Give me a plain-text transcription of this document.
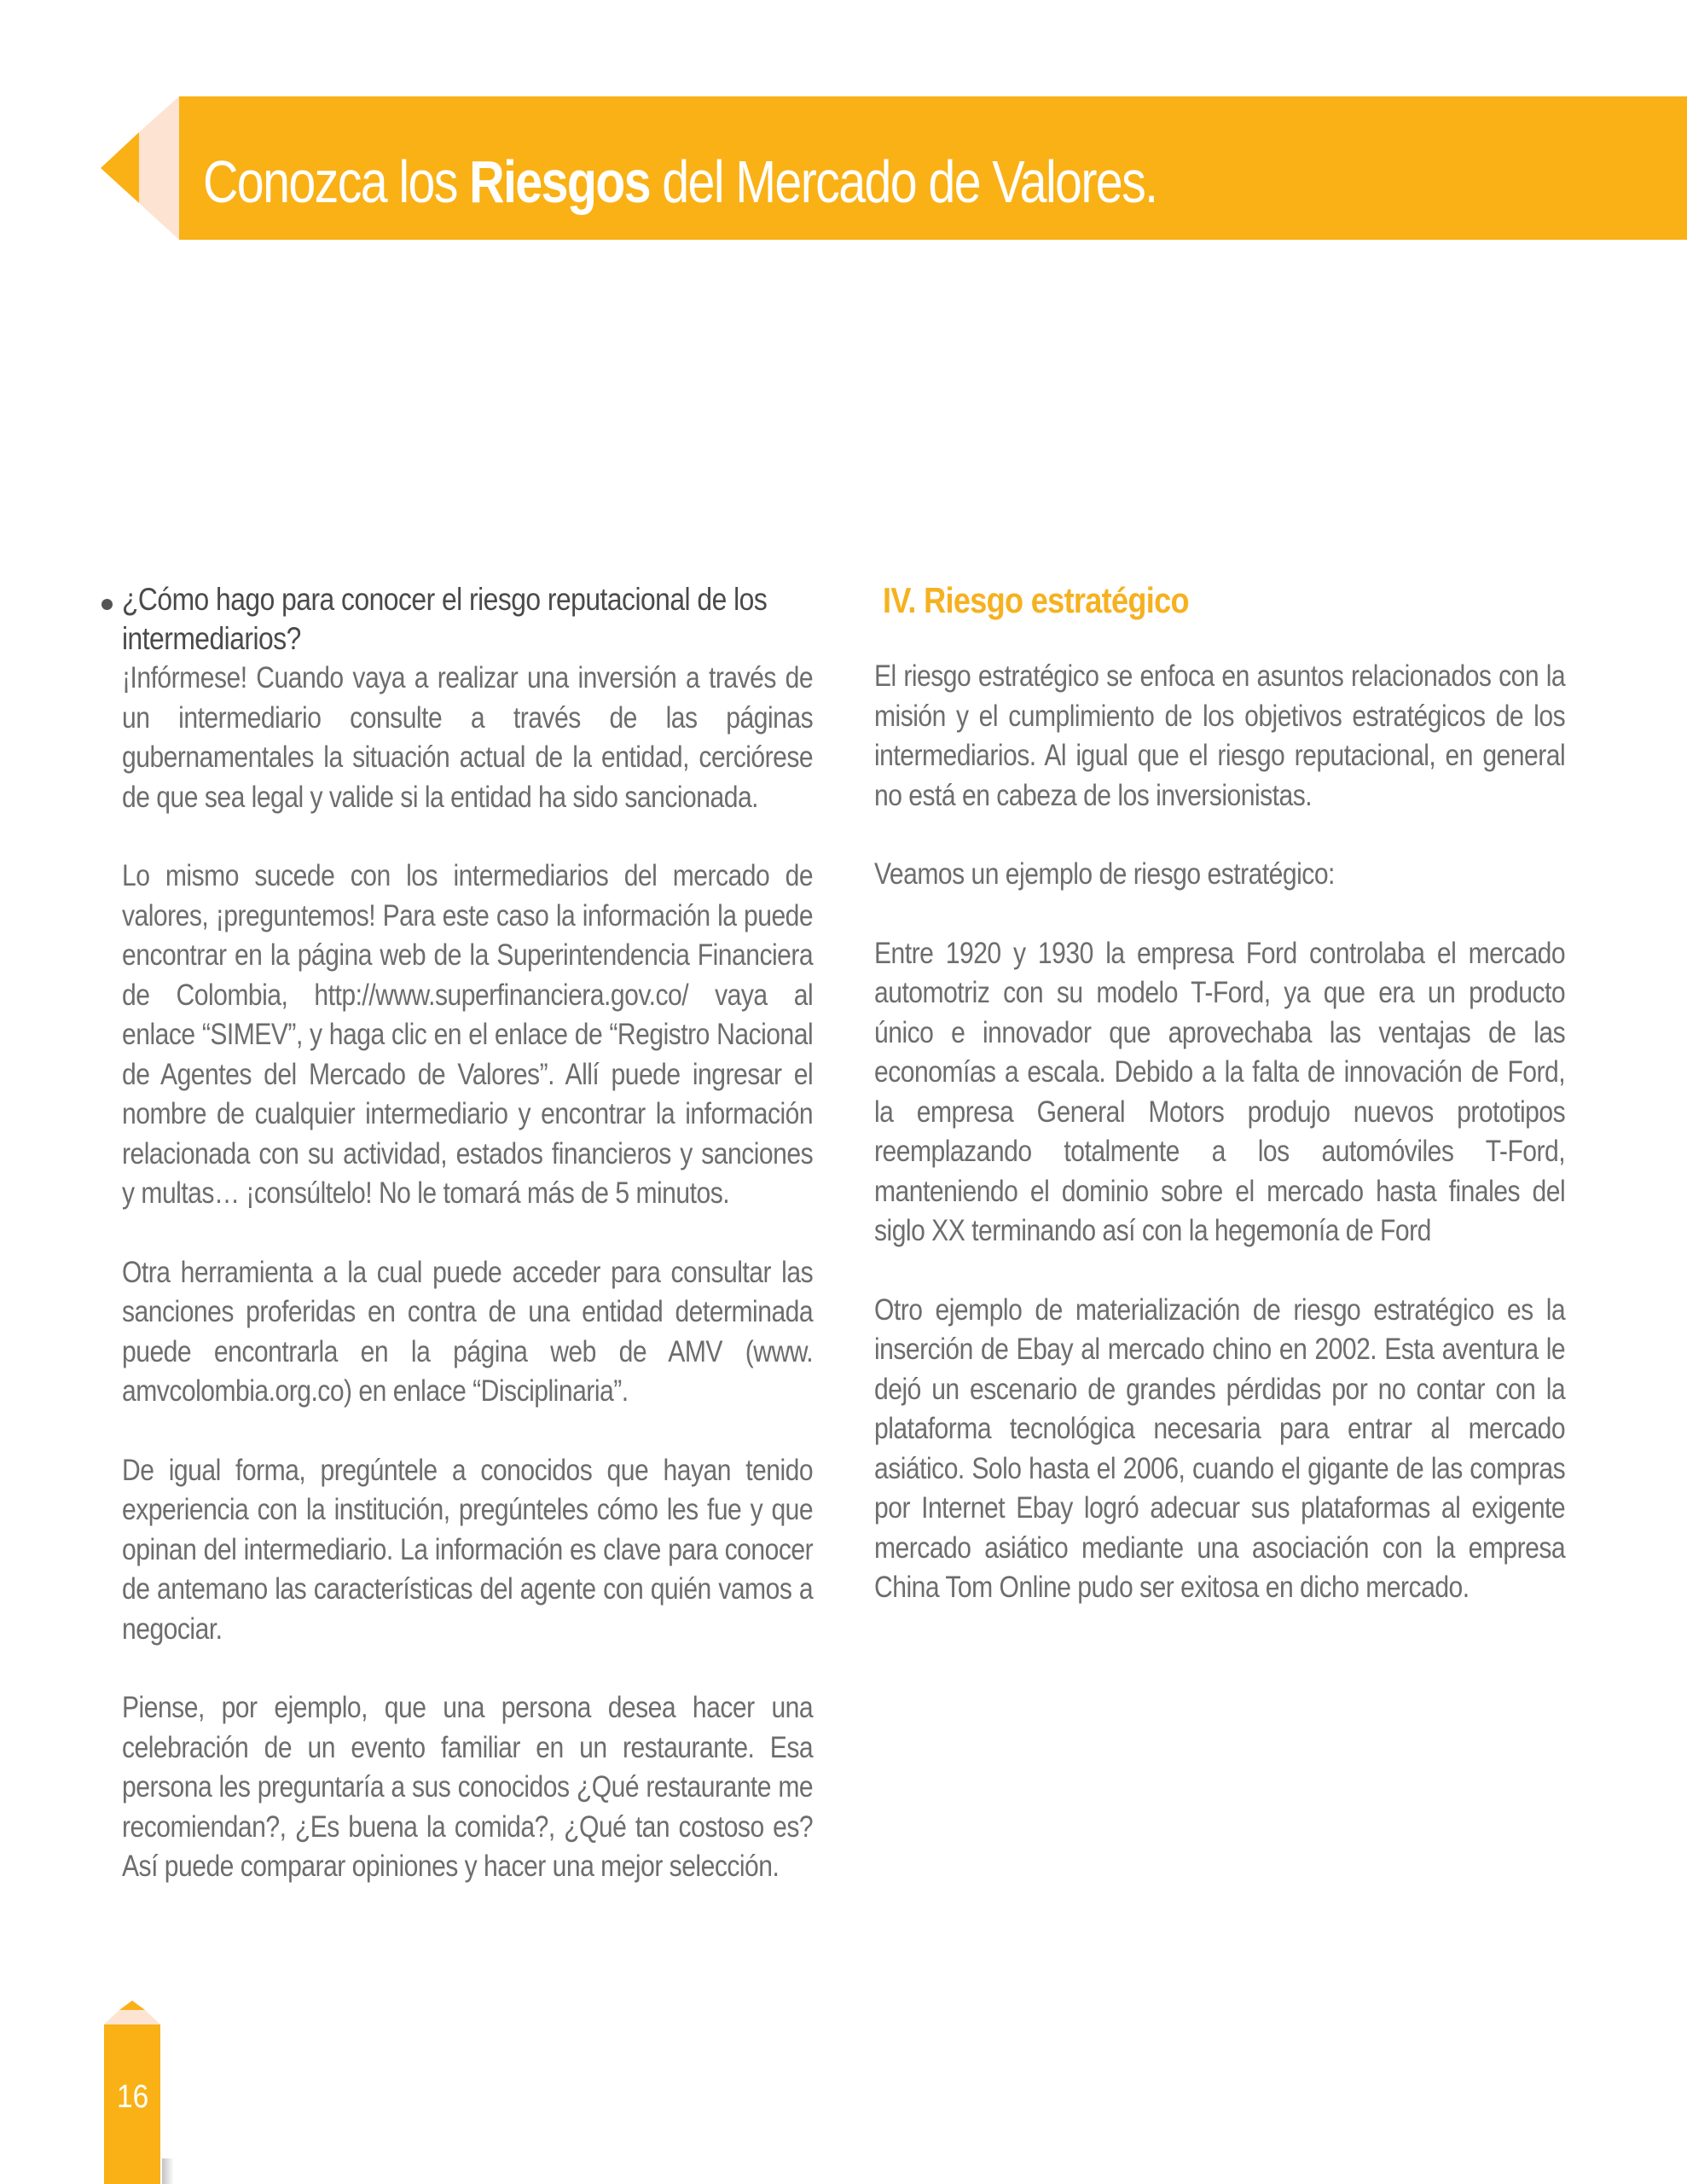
Conozca los Riesgos del Mercado de Valores.

¿Cómo hago para conocer el riesgo reputacional de los intermediarios?

¡Infórmese! Cuando vaya a realizar una inversión a través de un intermediario consulte a través de las páginas gubernamentales la situación actual de la entidad, cerciórese de que sea legal y valide si la entidad ha sido sancionada.

Lo mismo sucede con los intermediarios del mercado de valores, ¡preguntemos! Para este caso la información la puede encontrar en la página web de la Superintendencia Financiera de Colombia, http://www.superfinanciera.gov.co/ vaya al enlace “SIMEV”, y haga clic en el enlace de “Registro Nacional de Agentes del Mercado de Valores”. Allí puede ingresar el nombre de cualquier intermediario y encontrar la información relacionada con su actividad, estados financieros y sanciones y multas… ¡consúltelo! No le tomará más de 5 minutos.

Otra herramienta a la cual puede acceder para consultar las sanciones proferidas en contra de una entidad determinada puede encontrarla en la página web de AMV (www. amvcolombia.org.co) en enlace “Disciplinaria”.

De igual forma, pregúntele a conocidos que hayan tenido experiencia con la institución, pregúnteles cómo les fue y que opinan del intermediario. La información es clave para conocer de antemano las características del agente con quién vamos a negociar.

Piense, por ejemplo, que una persona desea hacer una celebración de un evento familiar en un restaurante. Esa persona les preguntaría a sus conocidos ¿Qué restaurante me recomiendan?, ¿Es buena la comida?, ¿Qué tan costoso es? Así puede comparar opiniones y hacer una mejor selección.

IV. Riesgo estratégico

El riesgo estratégico se enfoca en asuntos relacionados con la misión y el cumplimiento de los objetivos estratégicos de los intermediarios. Al igual que el riesgo reputacional, en general no está en cabeza de los inversionistas.

Veamos un ejemplo de riesgo estratégico:

Entre 1920 y 1930 la empresa Ford controlaba el mercado automotriz con su modelo T-Ford, ya que era un producto único e innovador que aprovechaba las ventajas de las economías a escala. Debido a la falta de innovación de Ford, la empresa General Motors produjo nuevos prototipos reemplazando totalmente a los automóviles T-Ford, manteniendo el dominio sobre el mercado hasta finales del siglo XX terminando así con la hegemonía de Ford

Otro ejemplo de materialización de riesgo estratégico es la inserción de Ebay al mercado chino en 2002. Esta aventura le dejó un escenario de grandes pérdidas por no contar con la plataforma tecnológica necesaria para entrar al mercado asiático. Solo hasta el 2006, cuando el gigante de las compras por Internet Ebay logró adecuar sus plataformas al exigente mercado asiático mediante una asociación con la empresa China Tom Online pudo ser exitosa en dicho mercado.

16
